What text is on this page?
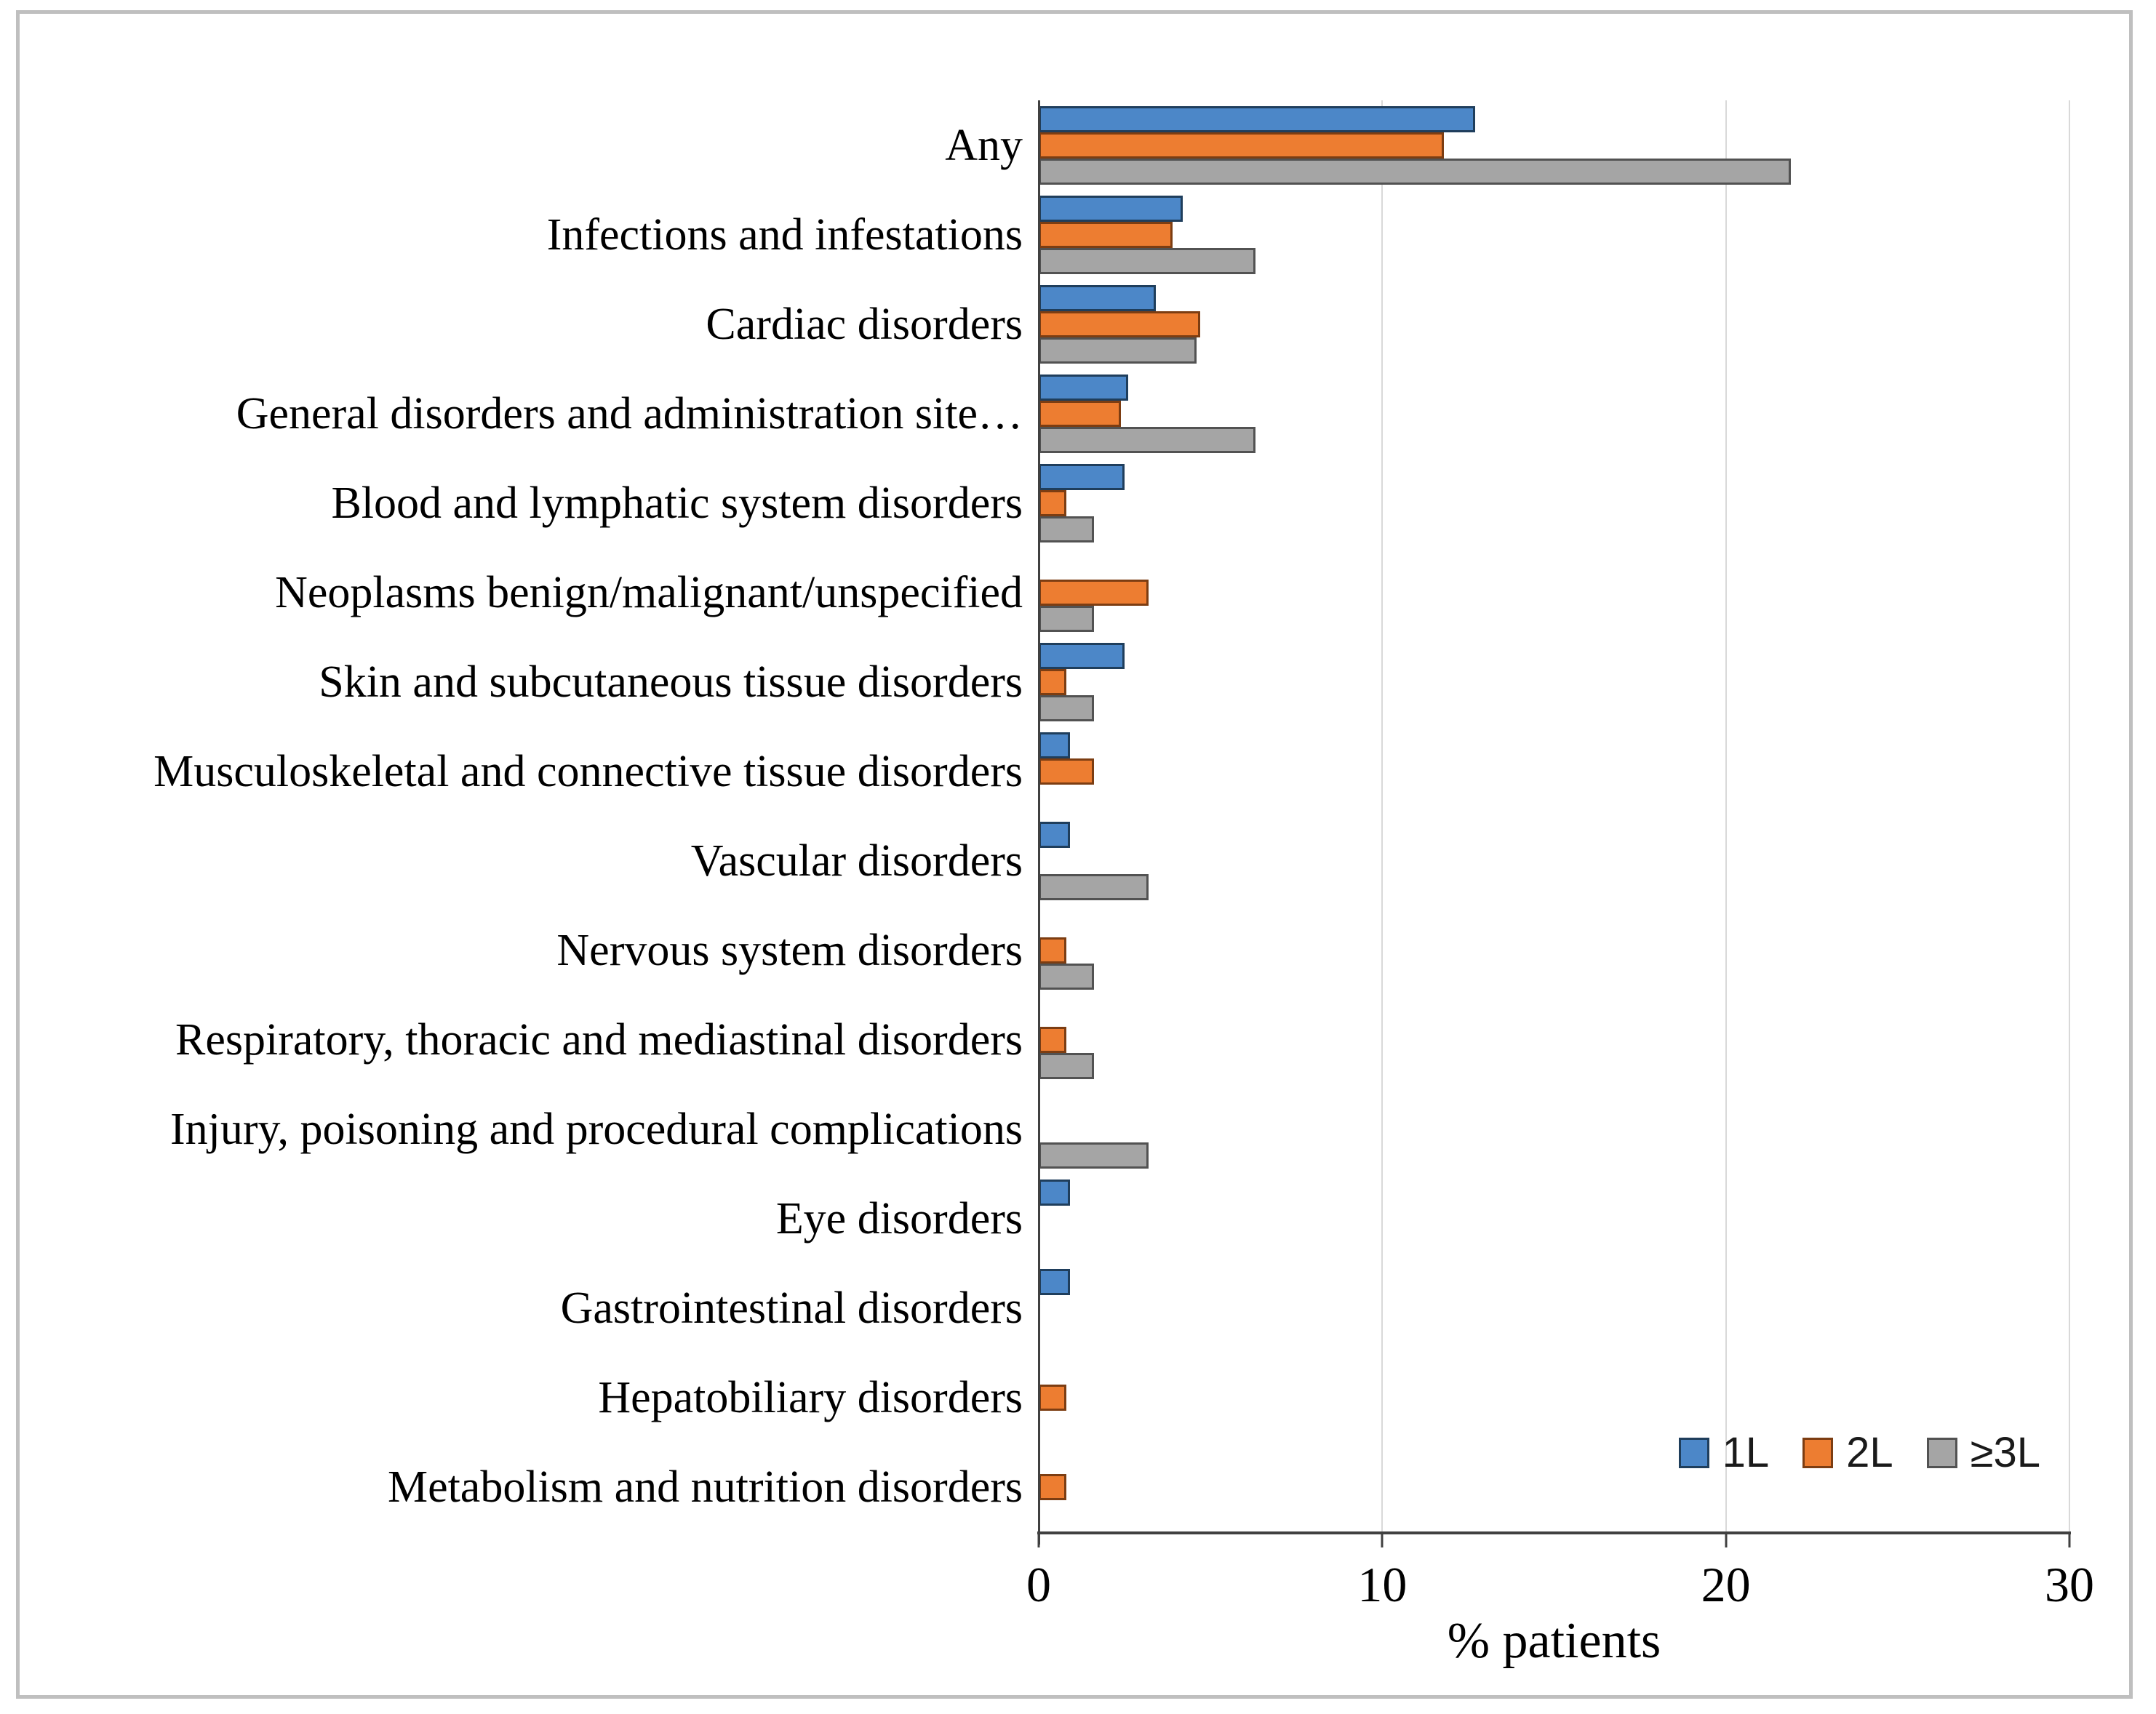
Any
Infections and infestations
Cardiac disorders
General disorders and administration site…
Blood and lymphatic system disorders
Neoplasms benign/malignant/unspecified
Skin and subcutaneous tissue disorders
Musculoskeletal and connective tissue disorders
Vascular disorders
Nervous system disorders
Respiratory, thoracic and mediastinal disorders
Injury, poisoning and procedural complications
Eye disorders
Gastrointestinal disorders
Hepatobiliary disorders
Metabolism and nutrition disorders
1L 2L ≥3L
0	10	20	30
% patients
